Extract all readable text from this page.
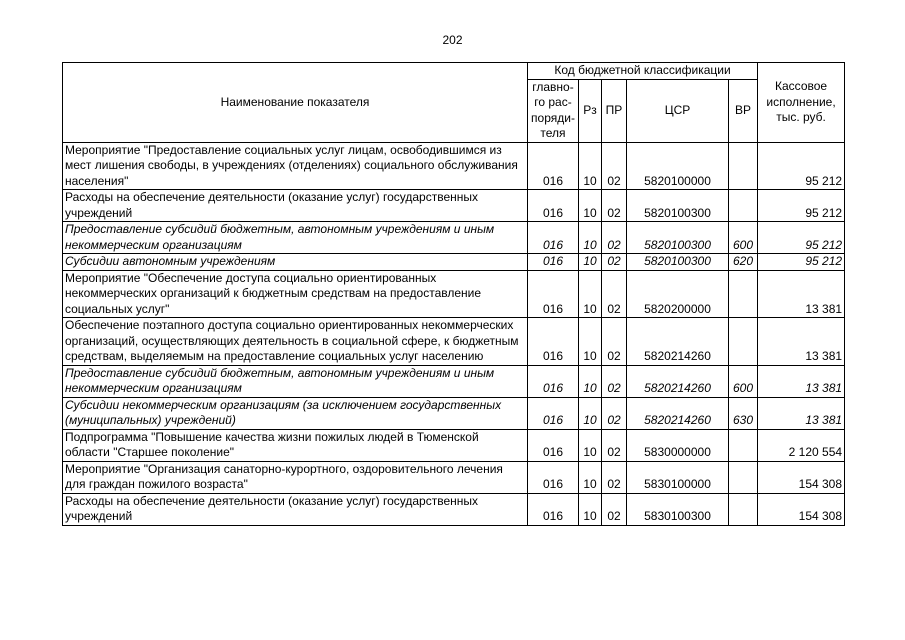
202
Наименование показателя	Код бюджетной классификации					Кассовое исполнение, тыс. руб.
	главно-
го рас-
поряди-
теля	Рз	ПР	ЦСР	ВР	
Мероприятие "Предоставление социальных услуг лицам, освободившимся из мест лишения свободы, в учреждениях (отделениях) социального обслуживания населения"	016	10	02	5820100000		95 212
Расходы на обеспечение деятельности (оказание услуг) государственных учреждений	016	10	02	5820100300		95 212
Предоставление субсидий бюджетным, автономным учреждениям и иным некоммерческим организациям	016	10	02	5820100300	600	95 212
Субсидии автономным учреждениям	016	10	02	5820100300	620	95 212
Мероприятие "Обеспечение доступа социально ориентированных некоммерческих организаций к бюджетным средствам на предоставление социальных услуг"	016	10	02	5820200000		13 381
Обеспечение поэтапного доступа социально ориентированных некоммерческих организаций, осуществляющих деятельность в социальной сфере, к бюджетным средствам, выделяемым на предоставление социальных услуг населению	016	10	02	5820214260		13 381
Предоставление субсидий бюджетным, автономным учреждениям и иным некоммерческим организациям	016	10	02	5820214260	600	13 381
Субсидии некоммерческим организациям (за исключением государственных (муниципальных) учреждений)	016	10	02	5820214260	630	13 381
Подпрограмма "Повышение качества жизни пожилых людей в Тюменской области "Старшее поколение"	016	10	02	5830000000		2 120 554
Мероприятие "Организация санаторно-курортного, оздоровительного лечения для граждан пожилого возраста"	016	10	02	5830100000		154 308
Расходы на обеспечение деятельности (оказание услуг) государственных учреждений	016	10	02	5830100300		154 308
